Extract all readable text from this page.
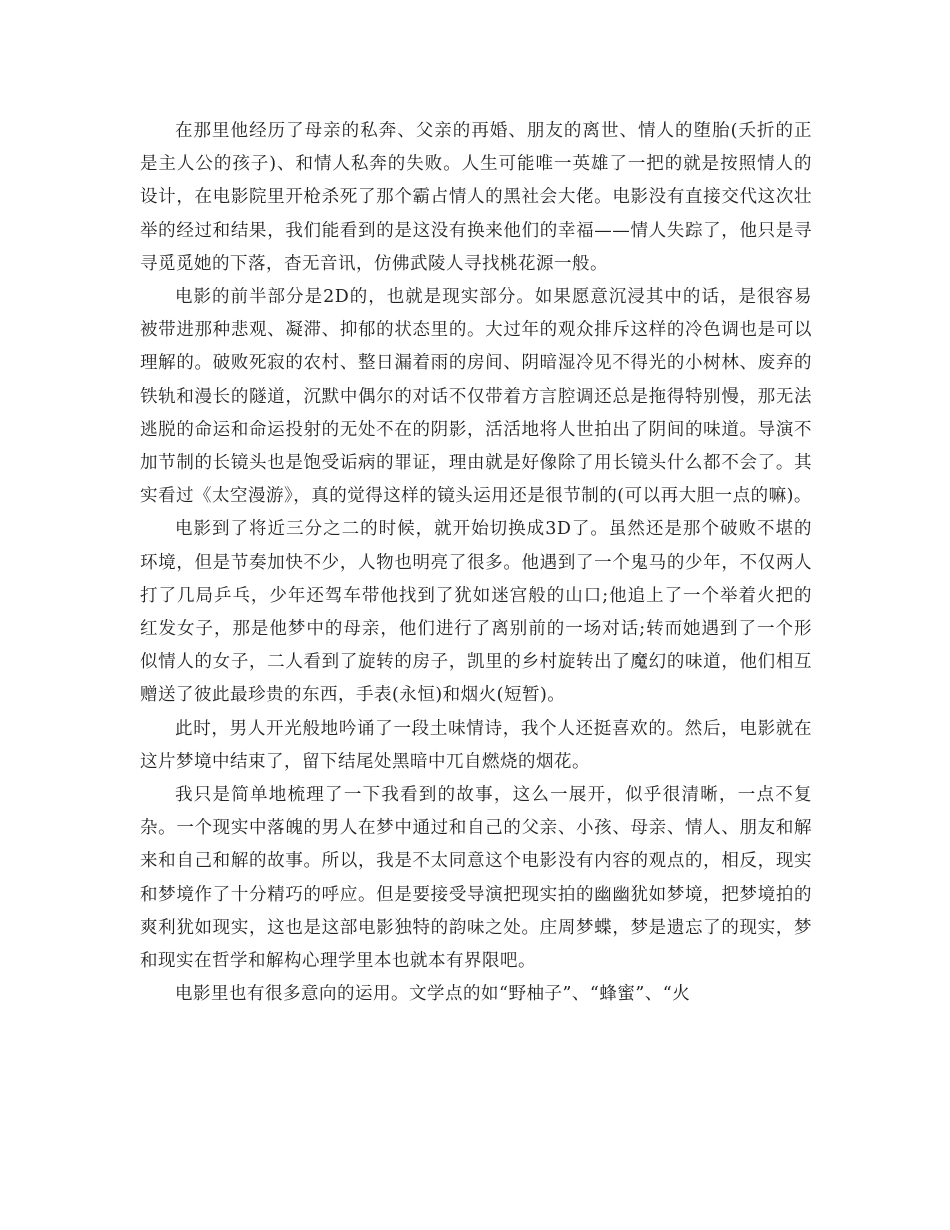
在那里他经历了母亲的私奔、父亲的再婚、朋友的离世、情人的堕胎(夭折的正是主人公的孩子)、和情人私奔的失败。人生可能唯一英雄了一把的就是按照情人的设计，在电影院里开枪杀死了那个霸占情人的黑社会大佬。电影没有直接交代这次壮举的经过和结果，我们能看到的是这没有换来他们的幸福——情人失踪了，他只是寻寻觅觅她的下落，杳无音讯，仿佛武陵人寻找桃花源一般。

电影的前半部分是2D的，也就是现实部分。如果愿意沉浸其中的话，是很容易被带进那种悲观、凝滞、抑郁的状态里的。大过年的观众排斥这样的冷色调也是可以理解的。破败死寂的农村、整日漏着雨的房间、阴暗湿冷见不得光的小树林、废弃的铁轨和漫长的隧道，沉默中偶尔的对话不仅带着方言腔调还总是拖得特别慢，那无法逃脱的命运和命运投射的无处不在的阴影，活活地将人世拍出了阴间的味道。导演不加节制的长镜头也是饱受诟病的罪证，理由就是好像除了用长镜头什么都不会了。其实看过《太空漫游》，真的觉得这样的镜头运用还是很节制的(可以再大胆一点的嘛)。

电影到了将近三分之二的时候，就开始切换成3D了。虽然还是那个破败不堪的环境，但是节奏加快不少，人物也明亮了很多。他遇到了一个鬼马的少年，不仅两人打了几局乒乓，少年还驾车带他找到了犹如迷宫般的山口;他追上了一个举着火把的红发女子，那是他梦中的母亲，他们进行了离别前的一场对话;转而她遇到了一个形似情人的女子，二人看到了旋转的房子，凯里的乡村旋转出了魔幻的味道，他们相互赠送了彼此最珍贵的东西，手表(永恒)和烟火(短暂)。

此时，男人开光般地吟诵了一段土味情诗，我个人还挺喜欢的。然后，电影就在这片梦境中结束了，留下结尾处黑暗中兀自燃烧的烟花。

我只是简单地梳理了一下我看到的故事，这么一展开，似乎很清晰，一点不复杂。一个现实中落魄的男人在梦中通过和自己的父亲、小孩、母亲、情人、朋友和解来和自己和解的故事。所以，我是不太同意这个电影没有内容的观点的，相反，现实和梦境作了十分精巧的呼应。但是要接受导演把现实拍的幽幽犹如梦境，把梦境拍的爽利犹如现实，这也是这部电影独特的韵味之处。庄周梦蝶，梦是遗忘了的现实，梦和现实在哲学和解构心理学里本也就本有界限吧。

电影里也有很多意向的运用。文学点的如“野柚子”、“蜂蜜”、“火
